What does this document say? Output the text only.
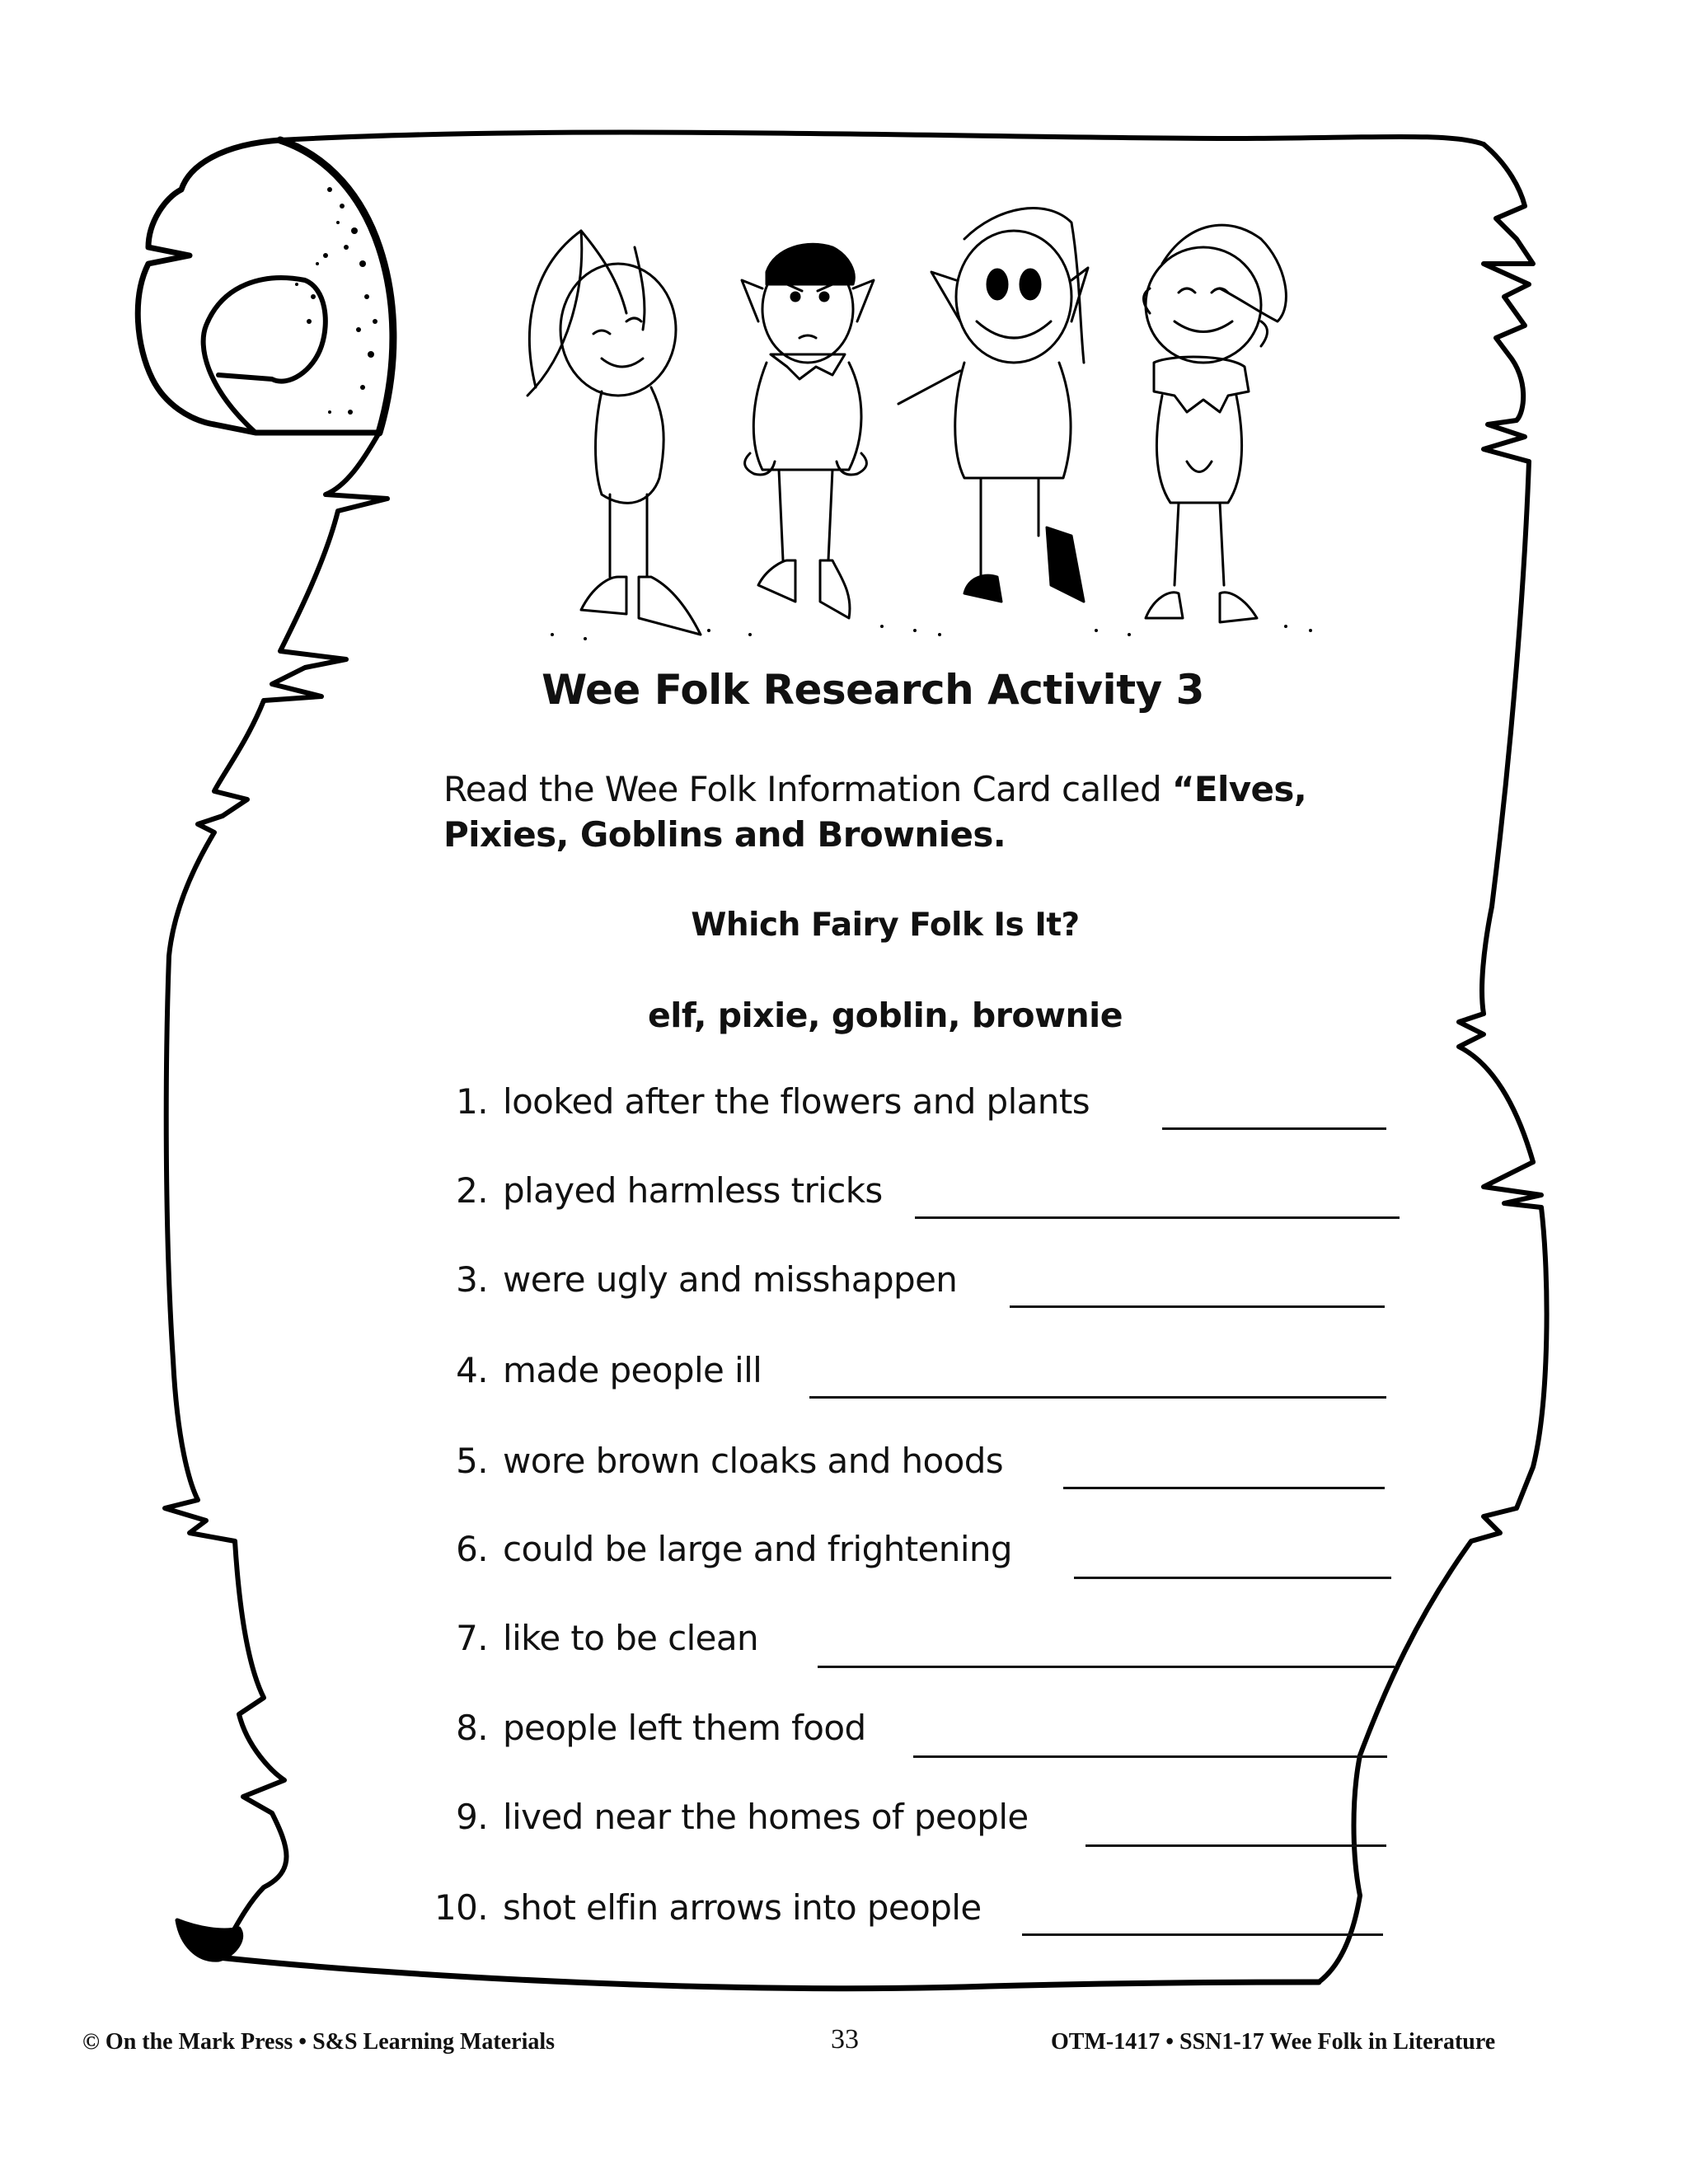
Wee Folk Research Activity 3
Read the Wee Folk Information Card called “Elves, Pixies, Goblins and Brownies.
Which Fairy Folk Is It?
elf, pixie, goblin, brownie
1. looked after the flowers and plants
2. played harmless tricks
3. were ugly and misshappen
4. made people ill
5. wore brown cloaks and hoods
6. could be large and frightening
7. like to be clean
8. people left them food
9. lived near the homes of people
10. shot elfin arrows into people
© On the Mark Press • S&S Learning Materials	33	OTM-1417 • SSN1-17 Wee Folk in Literature
